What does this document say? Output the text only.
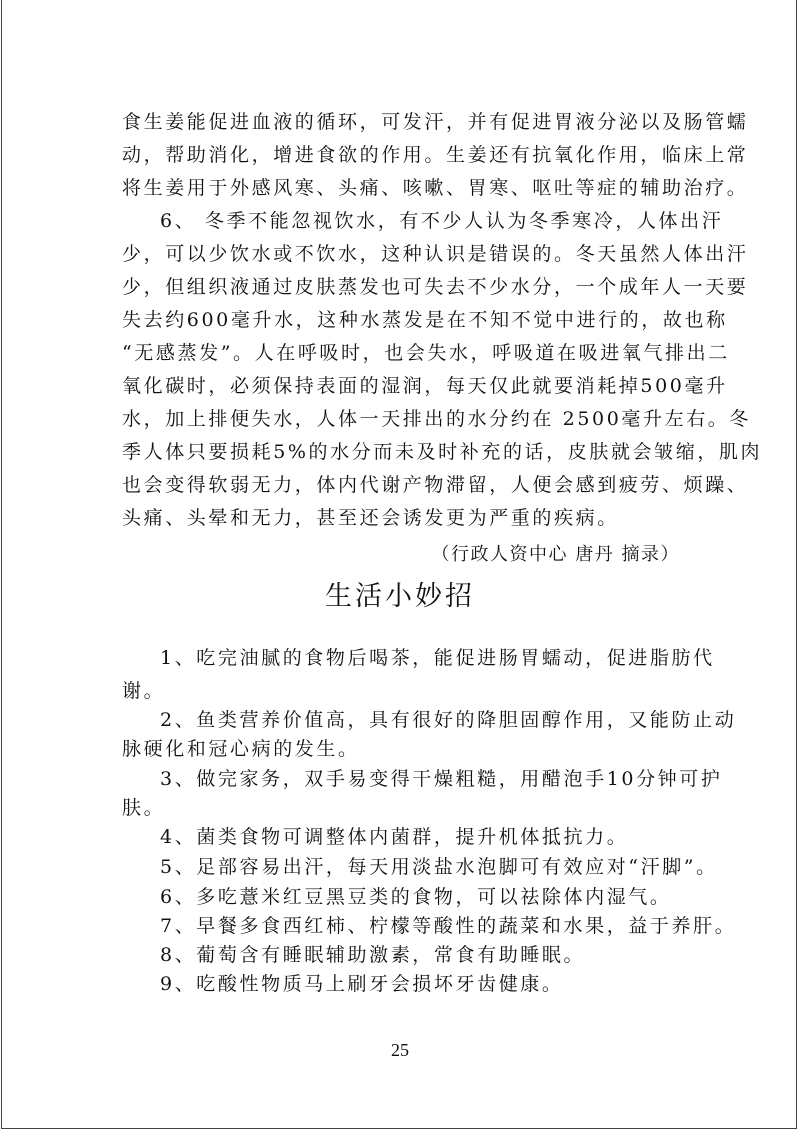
食生姜能促进血液的循环，可发汗，并有促进胃液分泌以及肠管蠕
动，帮助消化，增进食欲的作用。生姜还有抗氧化作用，临床上常
将生姜用于外感风寒、头痛、咳嗽、胃寒、呕吐等症的辅助治疗。
6、 冬季不能忽视饮水，有不少人认为冬季寒冷，人体出汗
少，可以少饮水或不饮水，这种认识是错误的。冬天虽然人体出汗
少，但组织液通过皮肤蒸发也可失去不少水分，一个成年人一天要
失去约600毫升水，这种水蒸发是在不知不觉中进行的，故也称
“无感蒸发”。人在呼吸时，也会失水，呼吸道在吸进氧气排出二
氧化碳时，必须保持表面的湿润，每天仅此就要消耗掉500毫升
水，加上排便失水，人体一天排出的水分约在 2500毫升左右。冬
季人体只要损耗5%的水分而未及时补充的话，皮肤就会皱缩，肌肉
也会变得软弱无力，体内代谢产物滞留，人便会感到疲劳、烦躁、
头痛、头晕和无力，甚至还会诱发更为严重的疾病。
（行政人资中心 唐丹 摘录）
生活小妙招
1、吃完油腻的食物后喝茶，能促进肠胃蠕动，促进脂肪代
谢。
2、鱼类营养价值高，具有很好的降胆固醇作用，又能防止动
脉硬化和冠心病的发生。
3、做完家务，双手易变得干燥粗糙，用醋泡手10分钟可护
肤。
4、菌类食物可调整体内菌群，提升机体抵抗力。
5、足部容易出汗，每天用淡盐水泡脚可有效应对“汗脚”。
6、多吃薏米红豆黑豆类的食物，可以祛除体内湿气。
7、早餐多食西红柿、柠檬等酸性的蔬菜和水果，益于养肝。
8、葡萄含有睡眠辅助激素，常食有助睡眠。
9、吃酸性物质马上刷牙会损坏牙齿健康。
25
